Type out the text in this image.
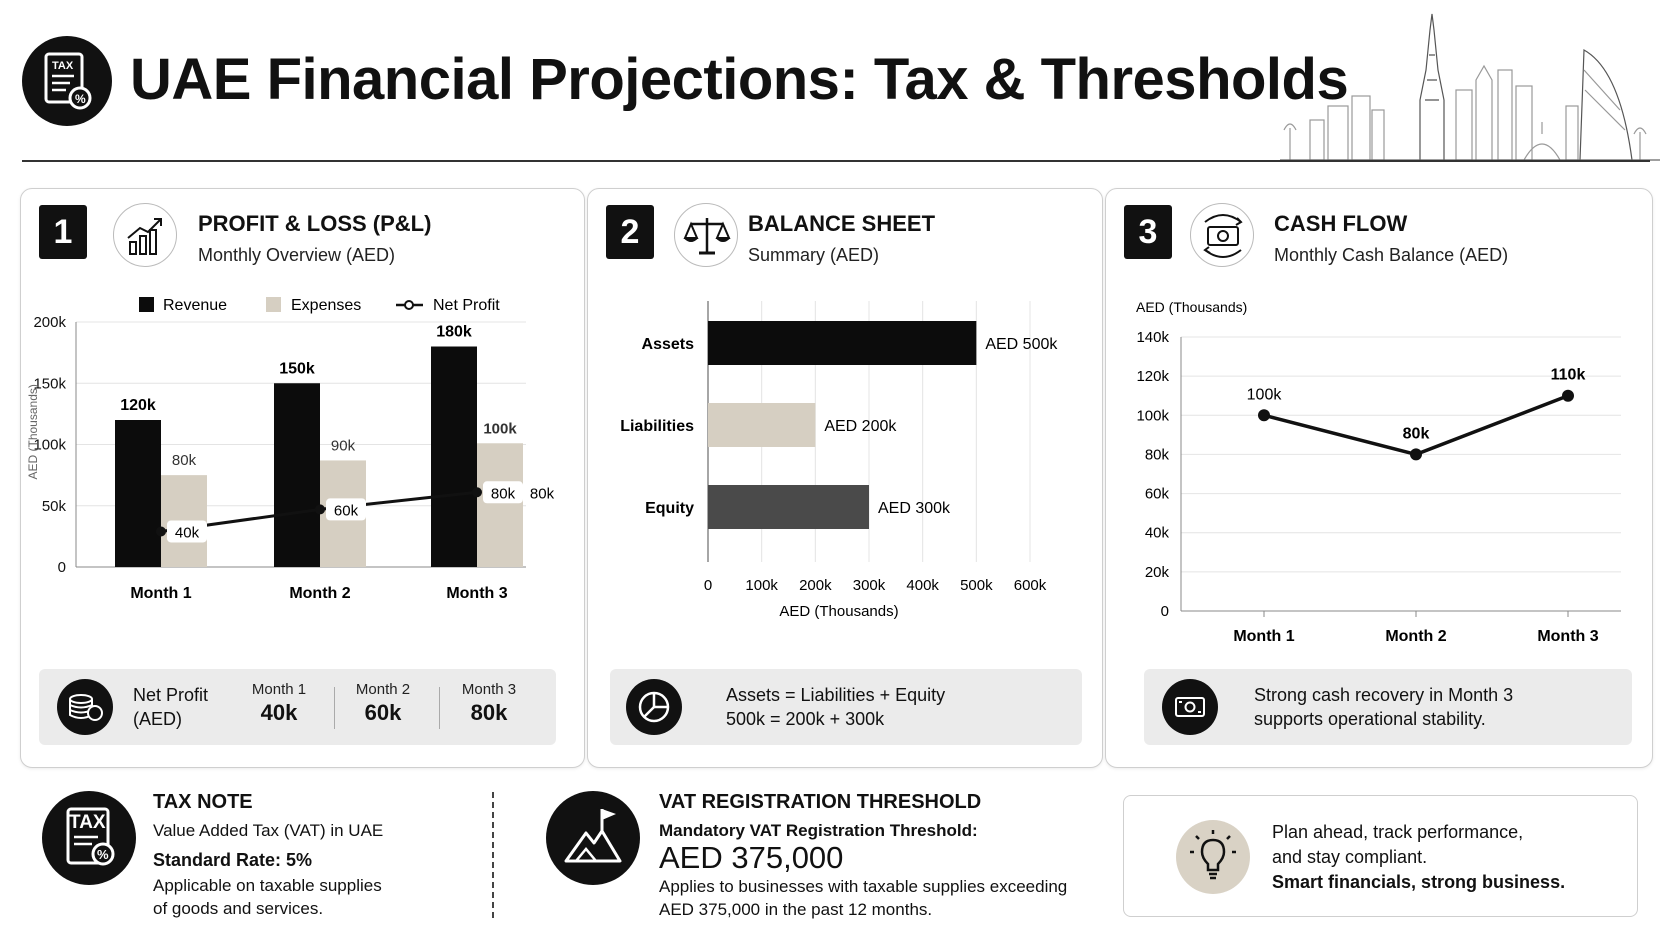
TAX
% UAE Financial Projections: Tax & Thresholds
1	PROFIT & LOSS (P&L)
Monthly Overview (AED)
Revenue	Expenses	Net Profit
0
50k
100k
150k
200k
AED (Thousands)	120k
80k
Month 1
150k
90k
Month 2
180k
100k
Month 3
40k
60k
80k 80k
Net Profit
(AED)
Month 1
40k
Month 2
60k
Month 3
80k
2	BALANCE SHEET
Summary (AED)
0 100k 200k 300k 400k 500k 600k
AED (Thousands)
Assets	AED 500k
Liabilities	AED 200k
Equity	AED 300k
Assets = Liabilities + Equity
500k = 200k + 300k
3	CASH FLOW
Monthly Cash Balance (AED)
AED (Thousands)
0
20k
40k
60k
80k
100k
120k
140k
Month 1	Month 2	Month 3
100k
80k
110k
Strong cash recovery in Month 3
supports operational stability.
TAX
%
TAX NOTE
Value Added Tax (VAT) in UAE
Standard Rate: 5%
Applicable on taxable supplies
of goods and services.
VAT REGISTRATION THRESHOLD
Mandatory VAT Registration Threshold:
AED 375,000
Applies to businesses with taxable supplies exceeding
AED 375,000 in the past 12 months.
Plan ahead, track performance,
and stay compliant.
Smart financials, strong business.
